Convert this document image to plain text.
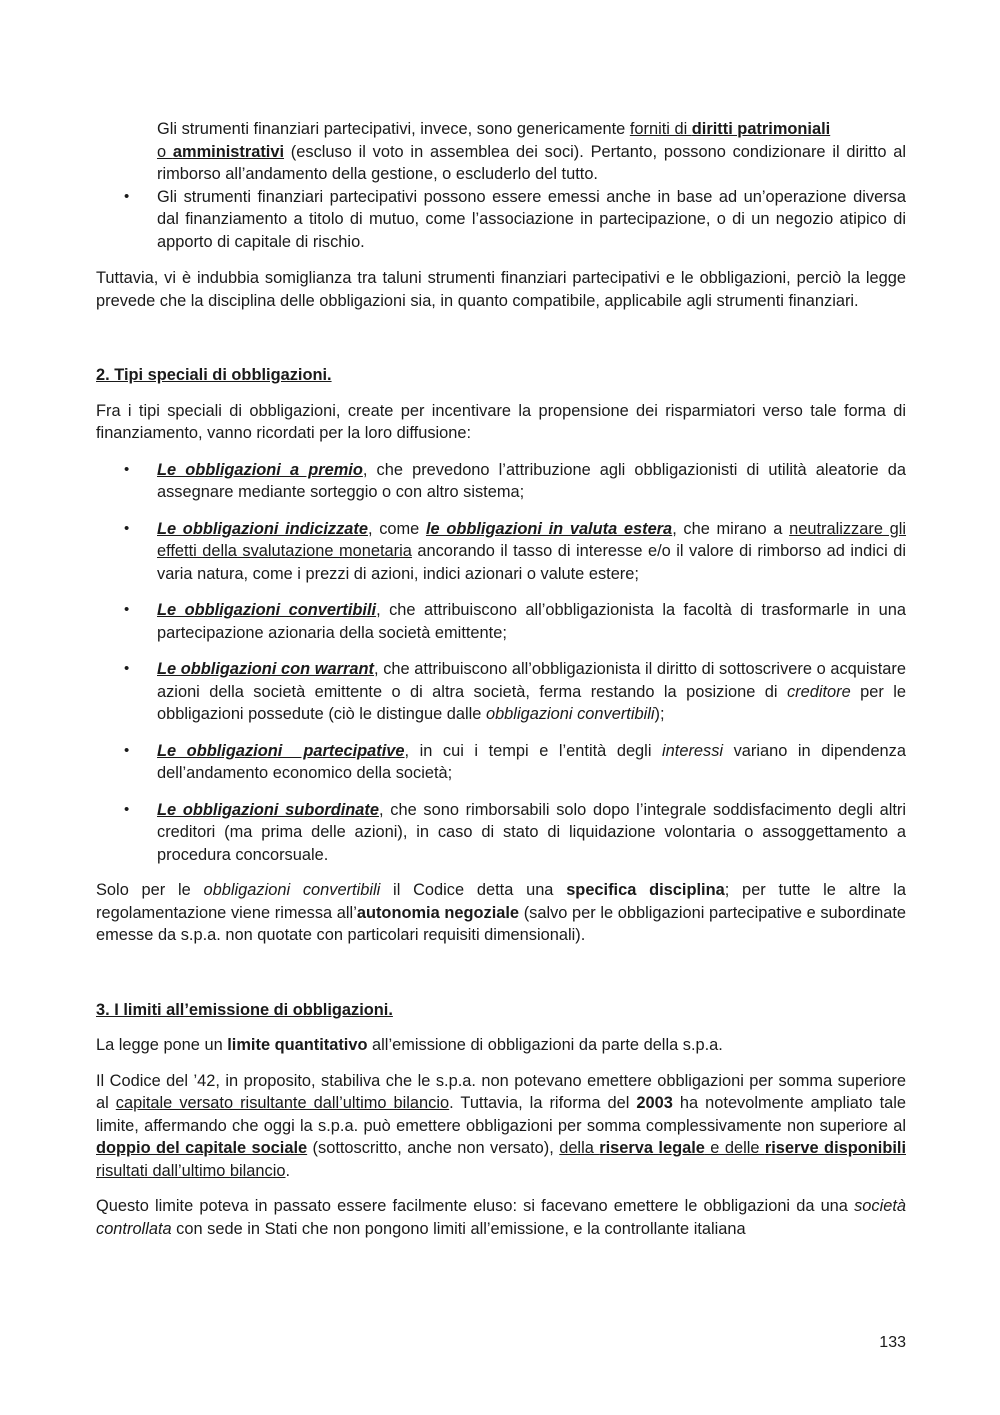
Gli strumenti finanziari partecipativi, invece, sono genericamente forniti di diritti patrimoniali
o amministrativi (escluso il voto in assemblea dei soci). Pertanto, possono condizionare il diritto al rimborso all’andamento della gestione, o escluderlo del tutto.

• Gli strumenti finanziari partecipativi possono essere emessi anche in base ad un’operazione diversa dal finanziamento a titolo di mutuo, come l’associazione in partecipazione, o di un negozio atipico di apporto di capitale di rischio.

Tuttavia, vi è indubbia somiglianza tra taluni strumenti finanziari partecipativi e le obbligazioni, perciò la legge prevede che la disciplina delle obbligazioni sia, in quanto compatibile, applicabile agli strumenti finanziari.

2. Tipi speciali di obbligazioni.

Fra i tipi speciali di obbligazioni, create per incentivare la propensione dei risparmiatori verso tale forma di finanziamento, vanno ricordati per la loro diffusione:

• Le obbligazioni a premio, che prevedono l’attribuzione agli obbligazionisti di utilità aleatorie da assegnare mediante sorteggio o con altro sistema;
• Le obbligazioni indicizzate, come le obbligazioni in valuta estera, che mirano a neutralizzare gli effetti della svalutazione monetaria ancorando il tasso di interesse e/o il valore di rimborso ad indici di varia natura, come i prezzi di azioni, indici azionari o valute estere;
• Le obbligazioni convertibili, che attribuiscono all’obbligazionista la facoltà di trasformarle in una partecipazione azionaria della società emittente;
• Le obbligazioni con warrant, che attribuiscono all’obbligazionista il diritto di sottoscrivere o acquistare azioni della società emittente o di altra società, ferma restando la posizione di creditore per le obbligazioni possedute (ciò le distingue dalle obbligazioni convertibili);
• Le obbligazioni  partecipative, in cui i tempi e l’entità degli interessi variano in dipendenza dell’andamento economico della società;
• Le obbligazioni subordinate, che sono rimborsabili solo dopo l’integrale soddisfacimento degli altri creditori (ma prima delle azioni), in caso di stato di liquidazione volontaria o assoggettamento a procedura concorsuale.

Solo per le obbligazioni convertibili il Codice detta una specifica disciplina; per tutte le altre la regolamentazione viene rimessa all’autonomia negoziale (salvo per le obbligazioni partecipative e subordinate emesse da s.p.a. non quotate con particolari requisiti dimensionali).

3. I limiti all’emissione di obbligazioni.

La legge pone un limite quantitativo all’emissione di obbligazioni da parte della s.p.a.

Il Codice del ’42, in proposito, stabiliva che le s.p.a. non potevano emettere obbligazioni per somma superiore al capitale versato risultante dall’ultimo bilancio. Tuttavia, la riforma del 2003 ha notevolmente ampliato tale limite, affermando che oggi la s.p.a. può emettere obbligazioni per somma complessivamente non superiore al doppio del capitale sociale (sottoscritto, anche non versato), della riserva legale e delle riserve disponibili risultati dall’ultimo bilancio.

Questo limite poteva in passato essere facilmente eluso: si facevano emettere le obbligazioni da una società controllata con sede in Stati che non pongono limiti all’emissione, e la controllante italiana

133
